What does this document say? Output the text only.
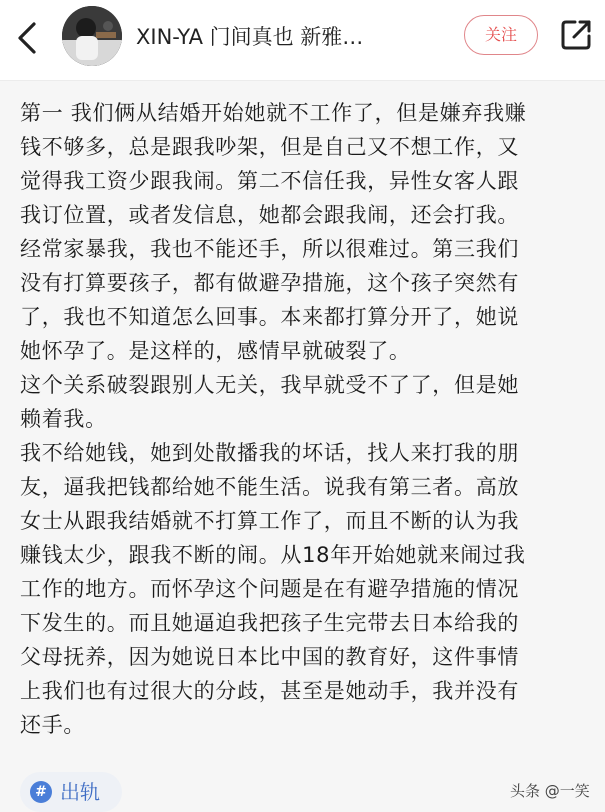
XIN-YA 门间真也 新雅…	关注

第一 我们俩从结婚开始她就不工作了，但是嫌弃我赚

钱不够多，总是跟我吵架，但是自己又不想工作，又

觉得我工资少跟我闹。第二不信任我，异性女客人跟

我订位置，或者发信息，她都会跟我闹，还会打我。

经常家暴我，我也不能还手，所以很难过。第三我们

没有打算要孩子，都有做避孕措施，这个孩子突然有

了，我也不知道怎么回事。本来都打算分开了，她说

她怀孕了。是这样的，感情早就破裂了。

这个关系破裂跟别人无关，我早就受不了了，但是她

赖着我。

我不给她钱，她到处散播我的坏话，找人来打我的朋

友，逼我把钱都给她不能生活。说我有第三者。高放

女士从跟我结婚就不打算工作了，而且不断的认为我

赚钱太少，跟我不断的闹。从18年开始她就来闹过我

工作的地方。而怀孕这个问题是在有避孕措施的情况

下发生的。而且她逼迫我把孩子生完带去日本给我的

父母抚养，因为她说日本比中国的教育好，这件事情

上我们也有过很大的分歧，甚至是她动手，我并没有

还手。

# 出轨	头条 @一笑
